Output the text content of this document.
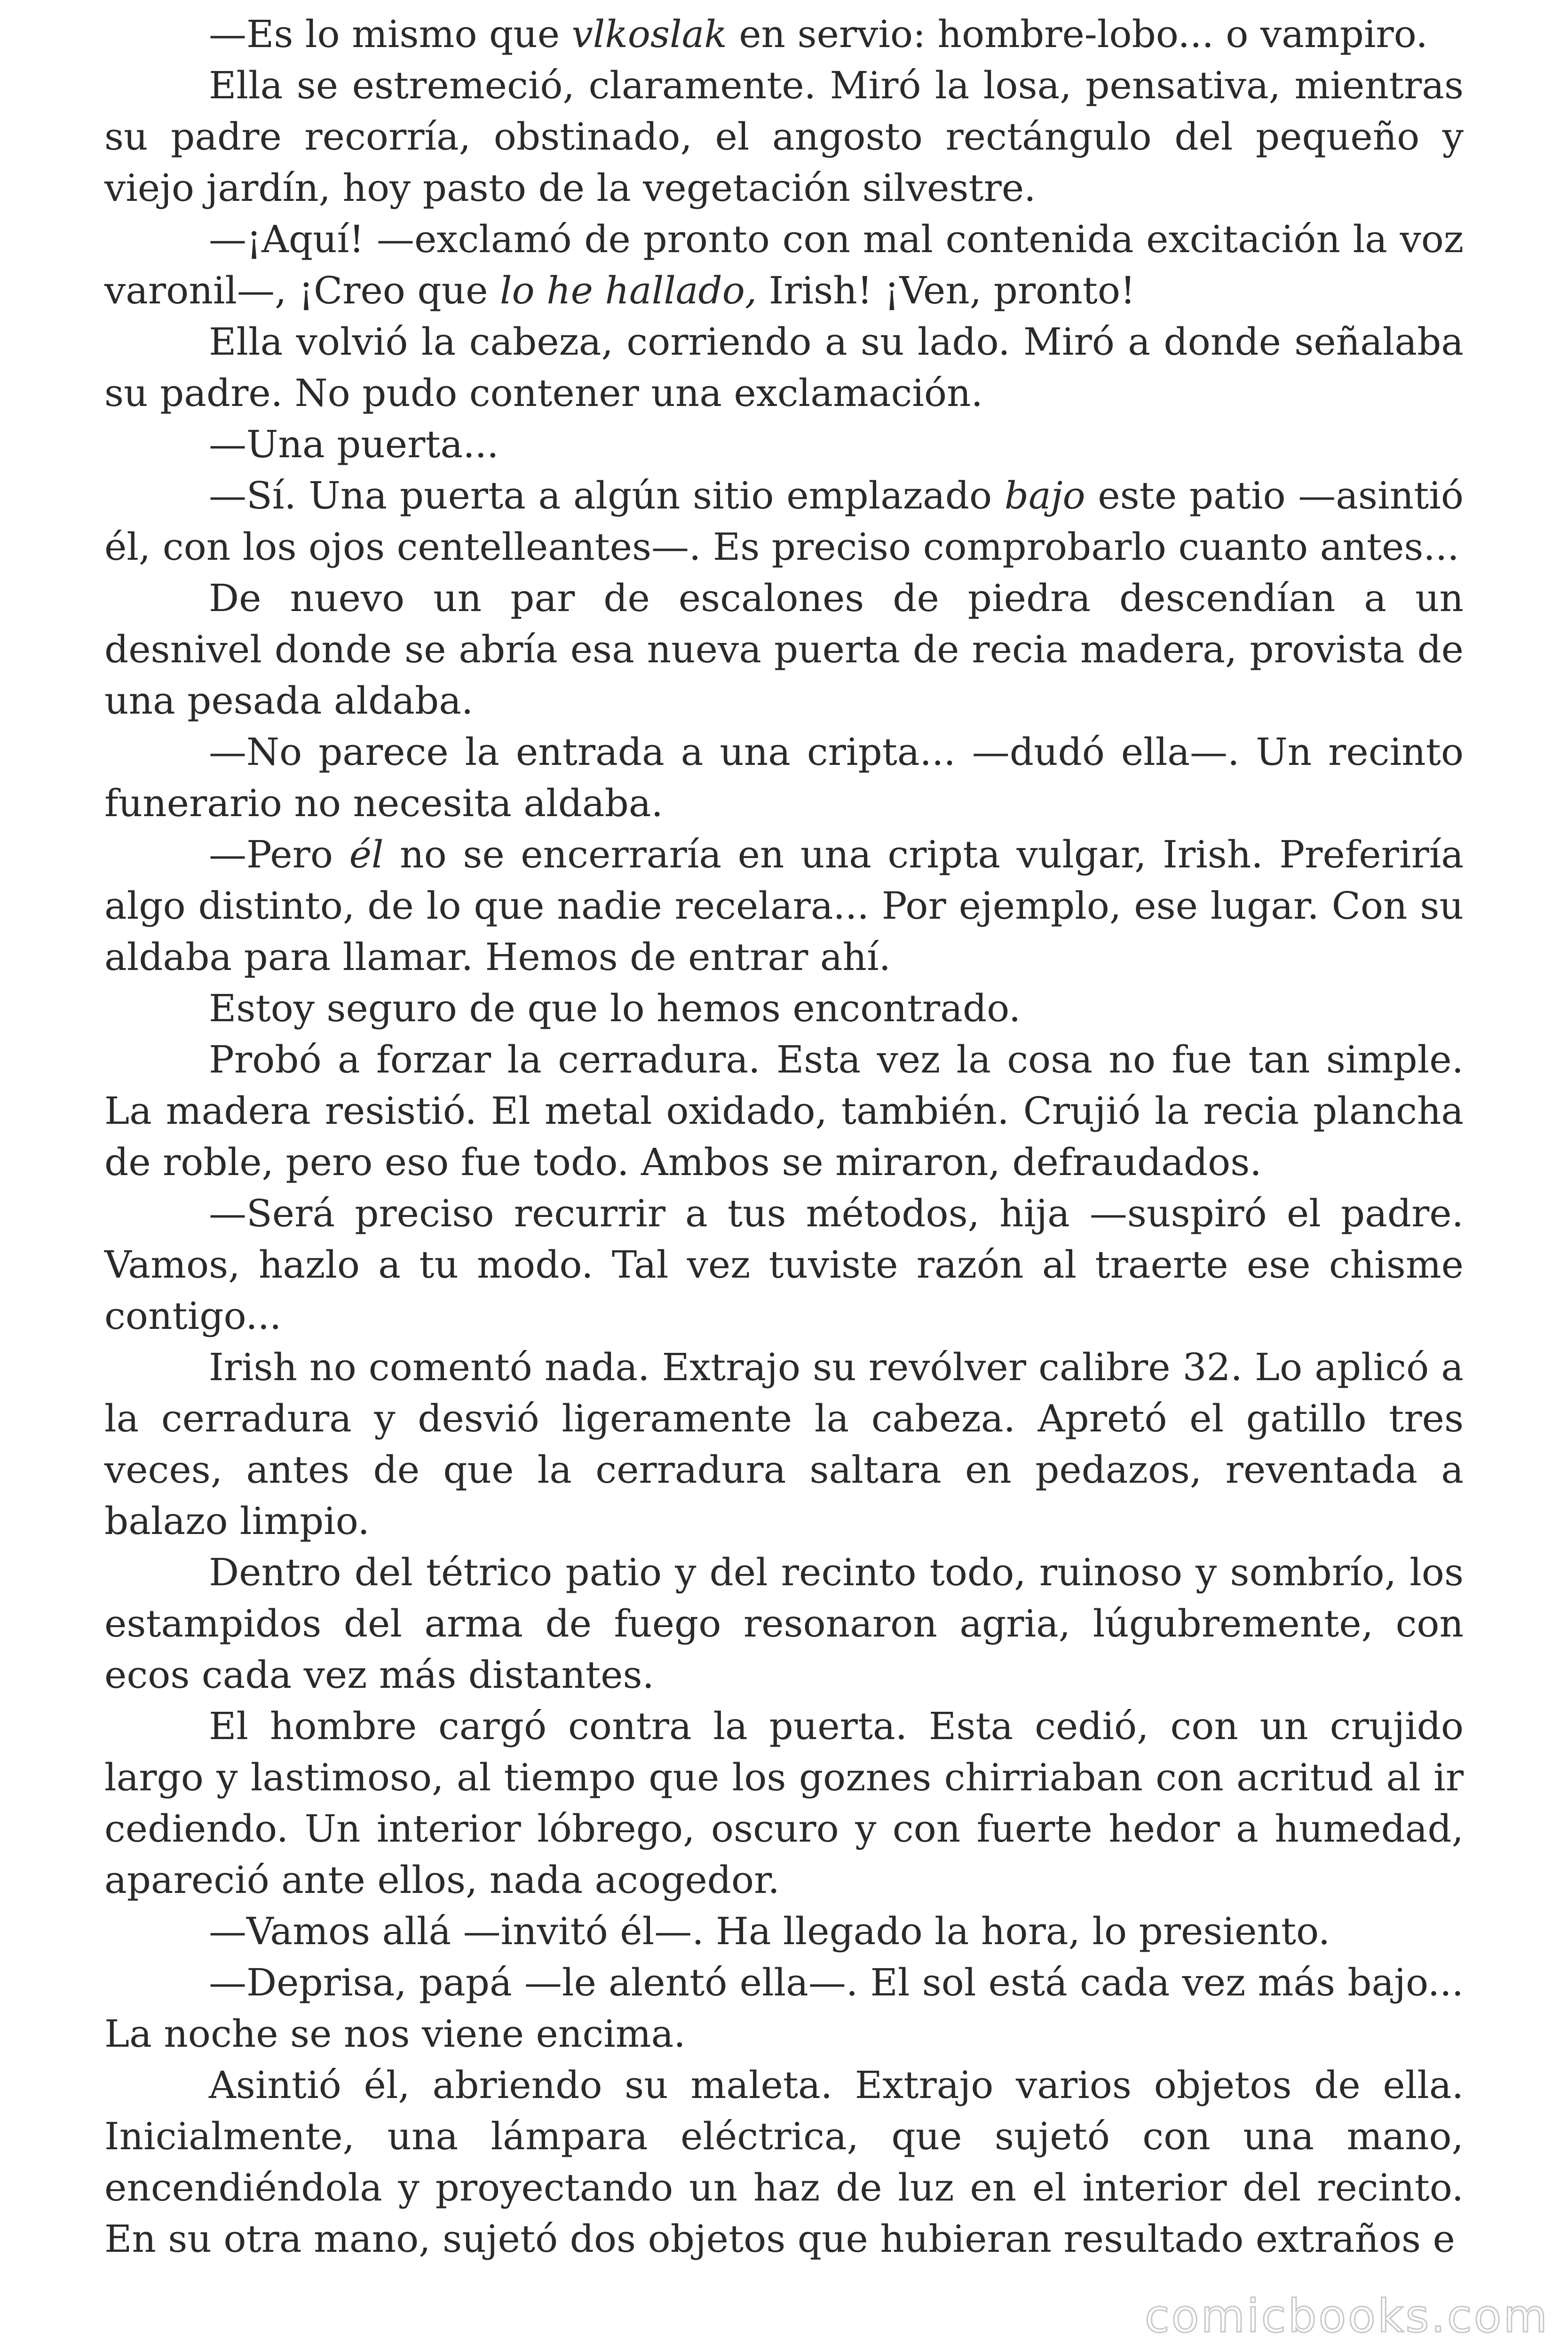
—Es lo mismo que vlkoslak en servio: hombre-lobo... o vampiro.

Ella se estremeció, claramente. Miró la losa, pensativa, mientras su padre recorría, obstinado, el angosto rectángulo del pequeño y viejo jardín, hoy pasto de la vegetación silvestre.

—¡Aquí! —exclamó de pronto con mal contenida excitación la voz varonil—, ¡Creo que lo he hallado, Irish! ¡Ven, pronto!

Ella volvió la cabeza, corriendo a su lado. Miró a donde señalaba su padre. No pudo contener una exclamación.

—Una puerta...

—Sí. Una puerta a algún sitio emplazado bajo este patio —asintió él, con los ojos centelleantes—. Es preciso comprobarlo cuanto antes...

De nuevo un par de escalones de piedra descendían a un desnivel donde se abría esa nueva puerta de recia madera, provista de una pesada aldaba.

—No parece la entrada a una cripta... —dudó ella—. Un recinto funerario no necesita aldaba.

—Pero él no se encerraría en una cripta vulgar, Irish. Preferiría algo distinto, de lo que nadie recelara... Por ejemplo, ese lugar. Con su aldaba para llamar. Hemos de entrar ahí.

Estoy seguro de que lo hemos encontrado.

Probó a forzar la cerradura. Esta vez la cosa no fue tan simple. La madera resistió. El metal oxidado, también. Crujió la recia plancha de roble, pero eso fue todo. Ambos se miraron, defraudados.

—Será preciso recurrir a tus métodos, hija —suspiró el padre. Vamos, hazlo a tu modo. Tal vez tuviste razón al traerte ese chisme contigo...

Irish no comentó nada. Extrajo su revólver calibre 32. Lo aplicó a la cerradura y desvió ligeramente la cabeza. Apretó el gatillo tres veces, antes de que la cerradura saltara en pedazos, reventada a balazo limpio.

Dentro del tétrico patio y del recinto todo, ruinoso y sombrío, los estampidos del arma de fuego resonaron agria, lúgubremente, con ecos cada vez más distantes.

El hombre cargó contra la puerta. Esta cedió, con un crujido largo y lastimoso, al tiempo que los goznes chirriaban con acritud al ir cediendo. Un interior lóbrego, oscuro y con fuerte hedor a humedad, apareció ante ellos, nada acogedor.

—Vamos allá —invitó él—. Ha llegado la hora, lo presiento.

—Deprisa, papá —le alentó ella—. El sol está cada vez más bajo... La noche se nos viene encima.

Asintió él, abriendo su maleta. Extrajo varios objetos de ella. Inicialmente, una lámpara eléctrica, que sujetó con una mano, encendiéndola y proyectando un haz de luz en el interior del recinto. En su otra mano, sujetó dos objetos que hubieran resultado extraños e

comicbooks.com
